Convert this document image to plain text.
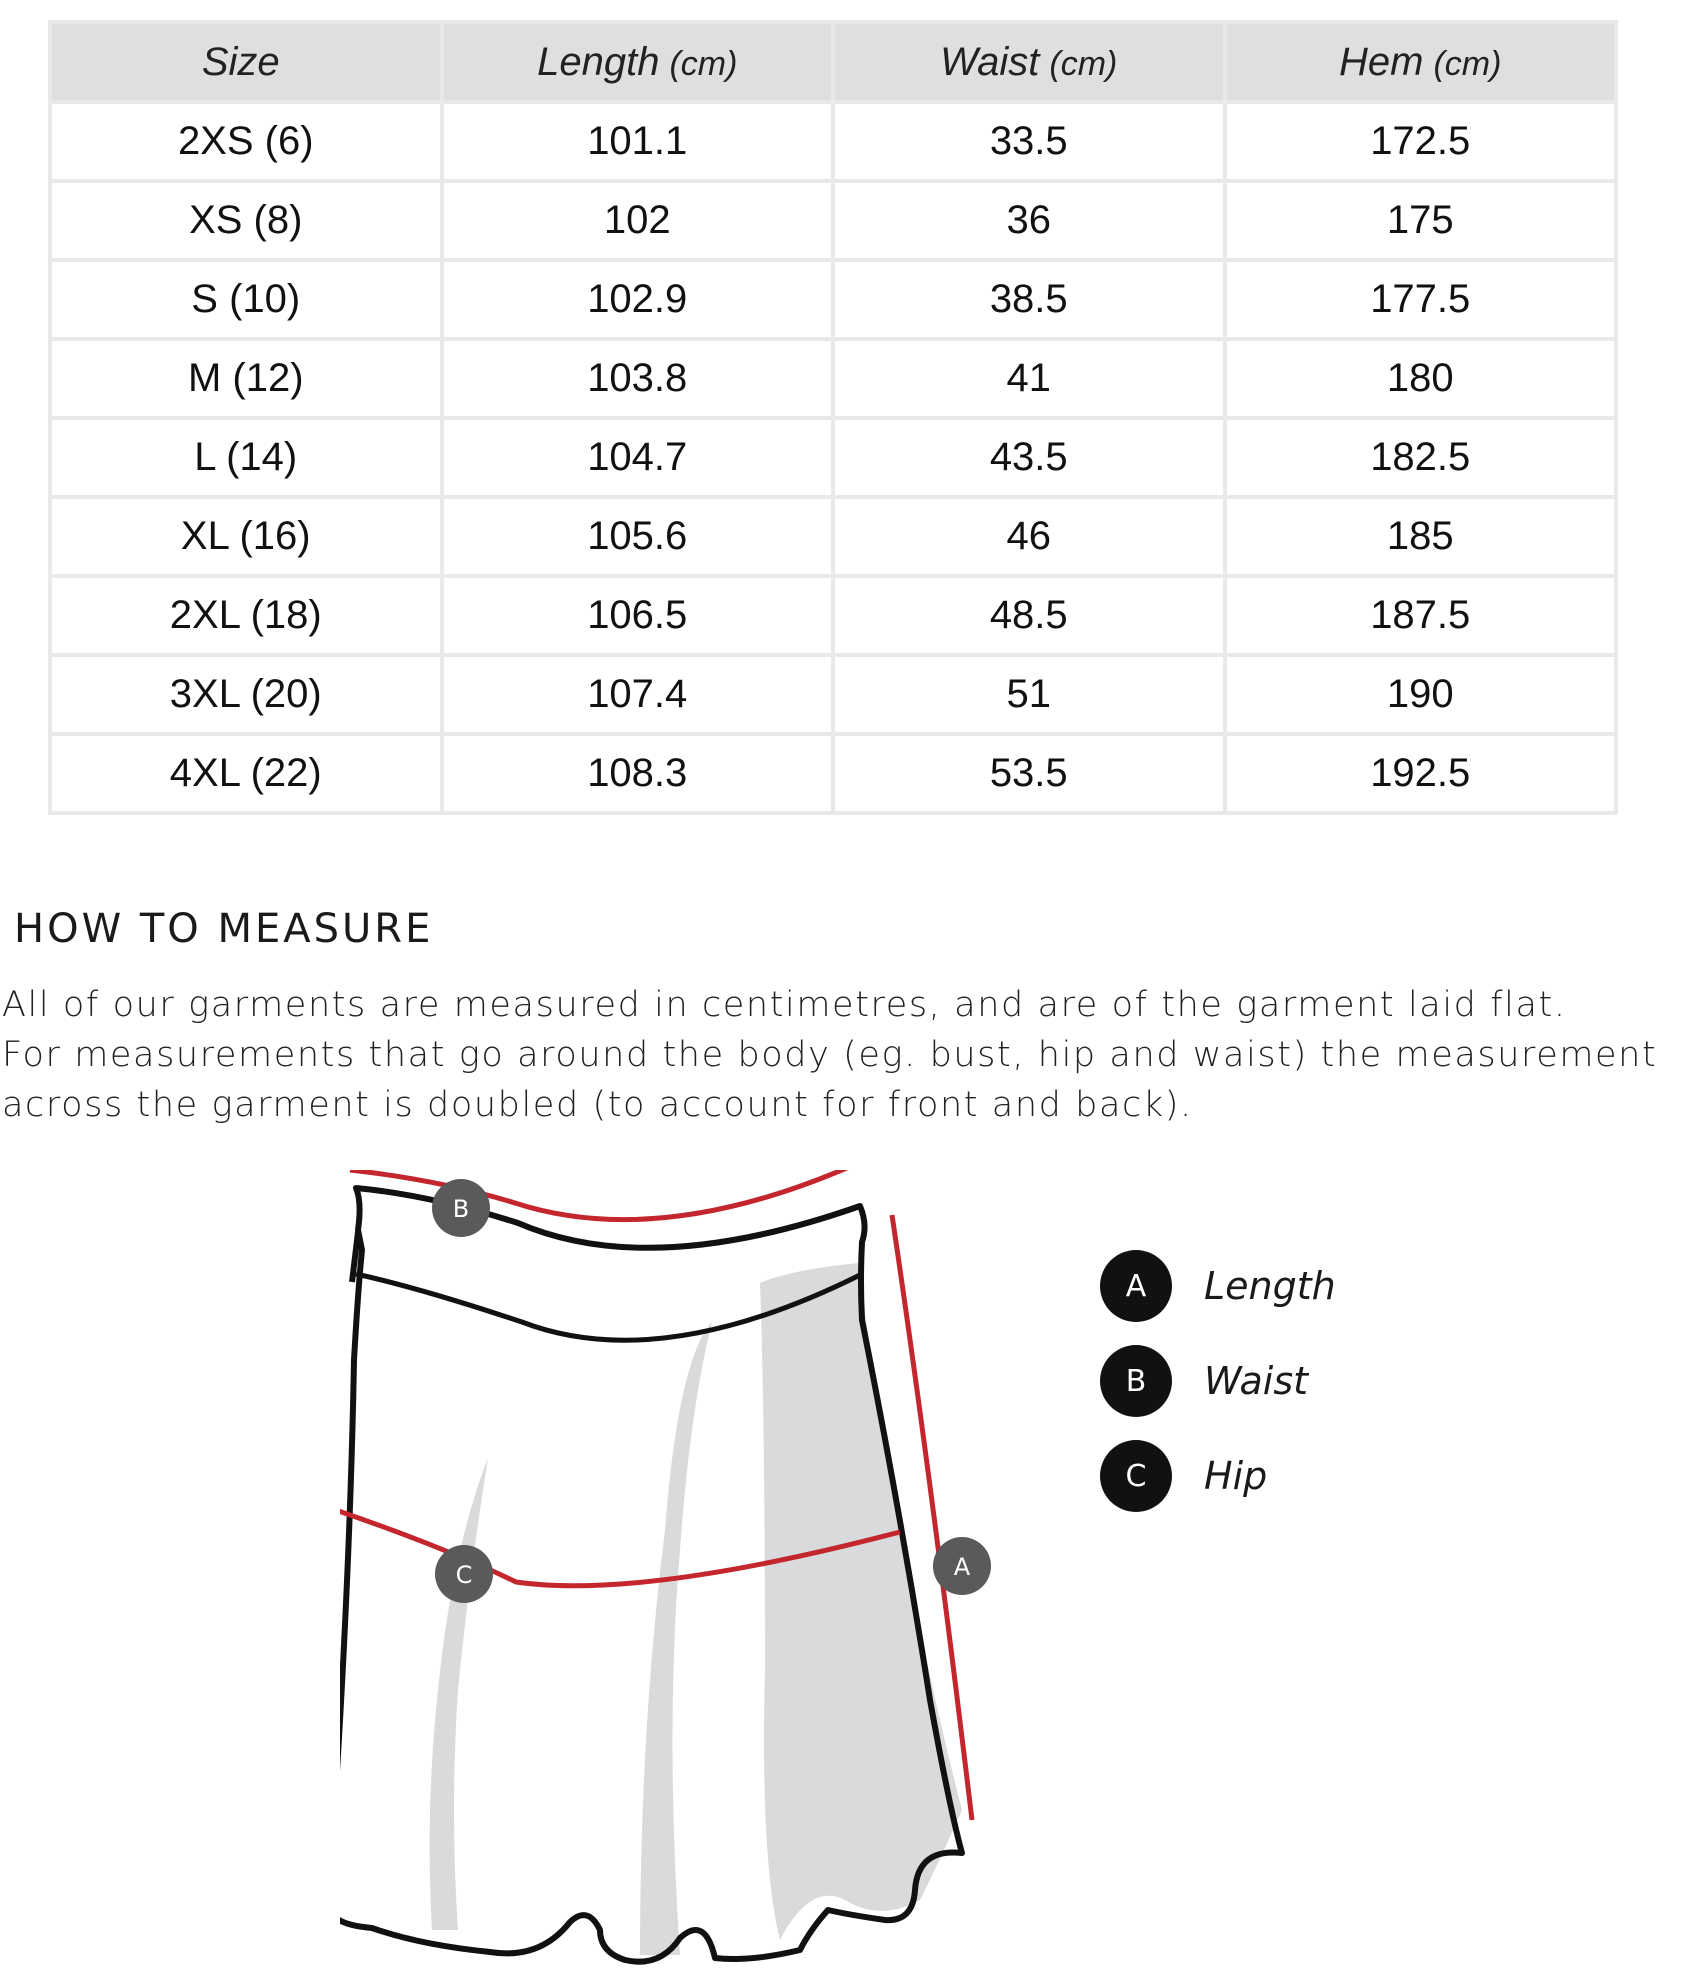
Size	Length (cm)	Waist (cm)	Hem (cm)
2XS (6)	101.1	33.5	172.5
XS (8)	102	36	175
S (10)	102.9	38.5	177.5
M (12)	103.8	41	180
L (14)	104.7	43.5	182.5
XL (16)	105.6	46	185
2XL (18)	106.5	48.5	187.5
3XL (20)	107.4	51	190
4XL (22)	108.3	53.5	192.5
HOW TO MEASURE

All of our garments are measured in centimetres, and are of the garment laid flat.
For measurements that go around the body (eg. bust, hip and waist) the measurement
across the garment is doubled (to account for front and back).

B
C	A
A	Length
B	Waist
C	Hip
